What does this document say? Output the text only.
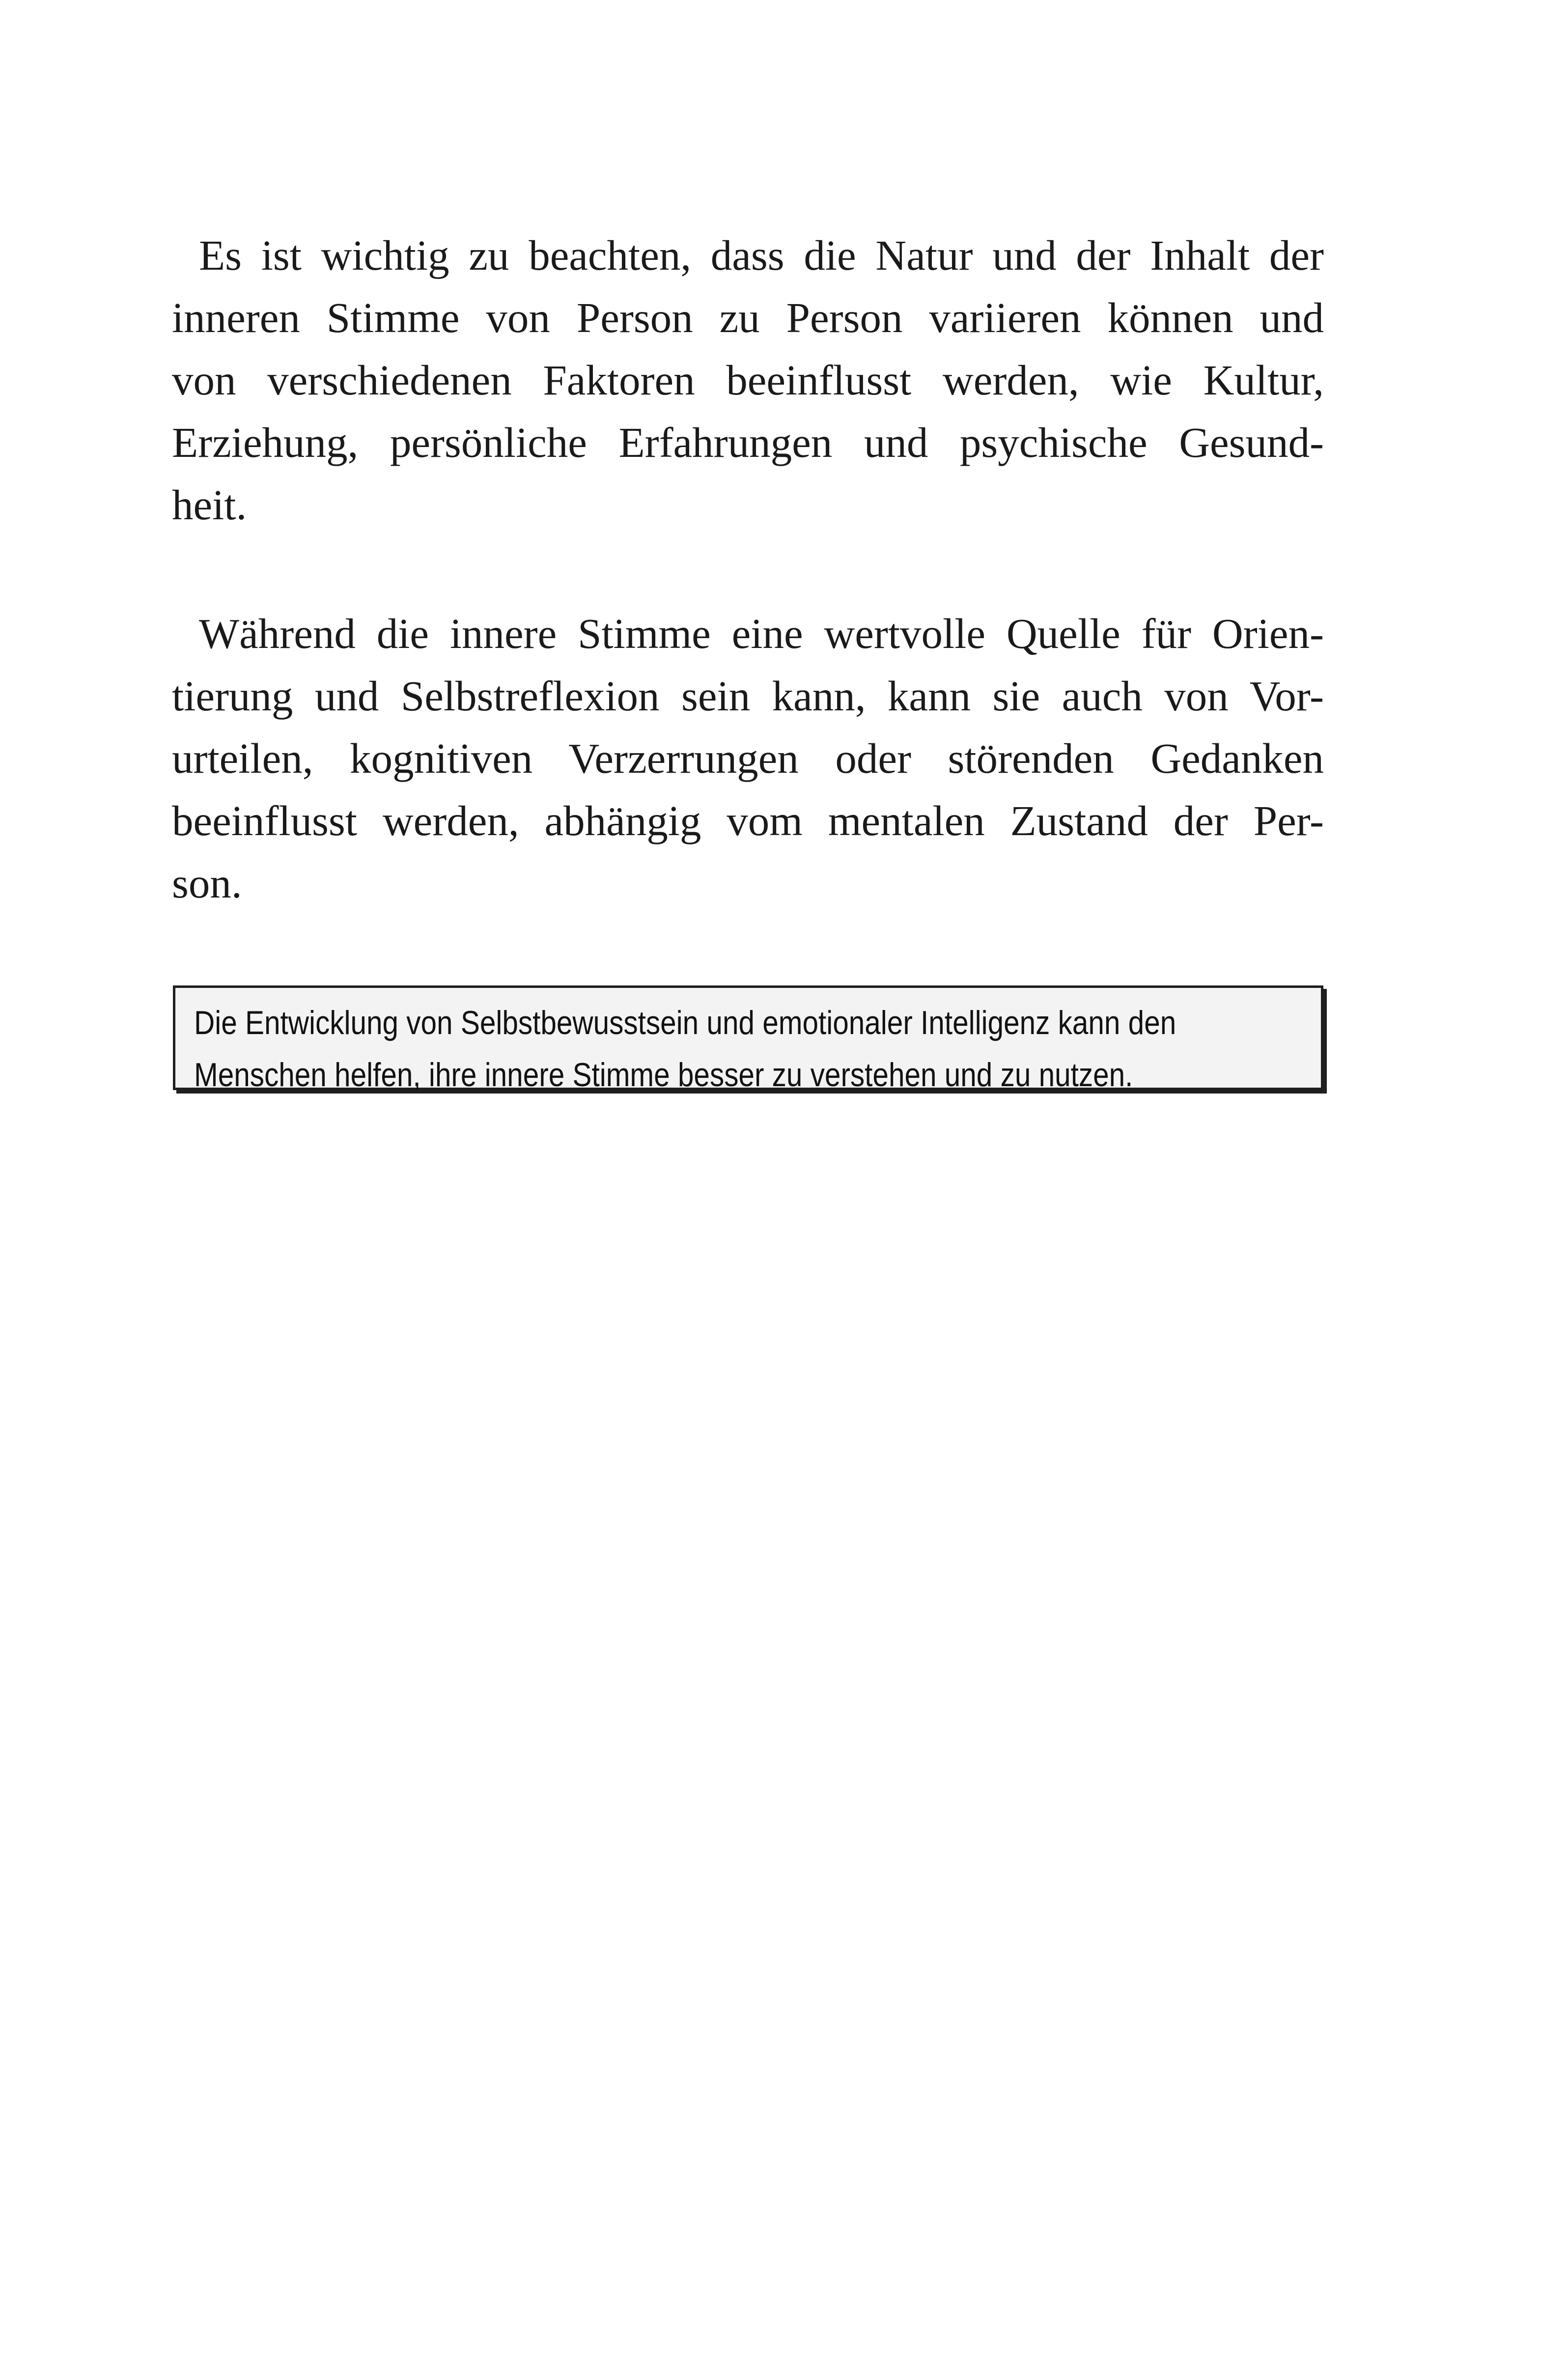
Es ist wichtig zu beachten, dass die Natur und der Inhalt der
inneren Stimme von Person zu Person variieren können und
von verschiedenen Faktoren beeinflusst werden, wie Kultur,
Erziehung, persönliche Erfahrungen und psychische Gesund-
heit.
Während die innere Stimme eine wertvolle Quelle für Orien-
tierung und Selbstreflexion sein kann, kann sie auch von Vor-
urteilen, kognitiven Verzerrungen oder störenden Gedanken
beeinflusst werden, abhängig vom mentalen Zustand der Per-
son.
Die Entwicklung von Selbstbewusstsein und emotionaler Intelligenz kann den
Menschen helfen, ihre innere Stimme besser zu verstehen und zu nutzen.
